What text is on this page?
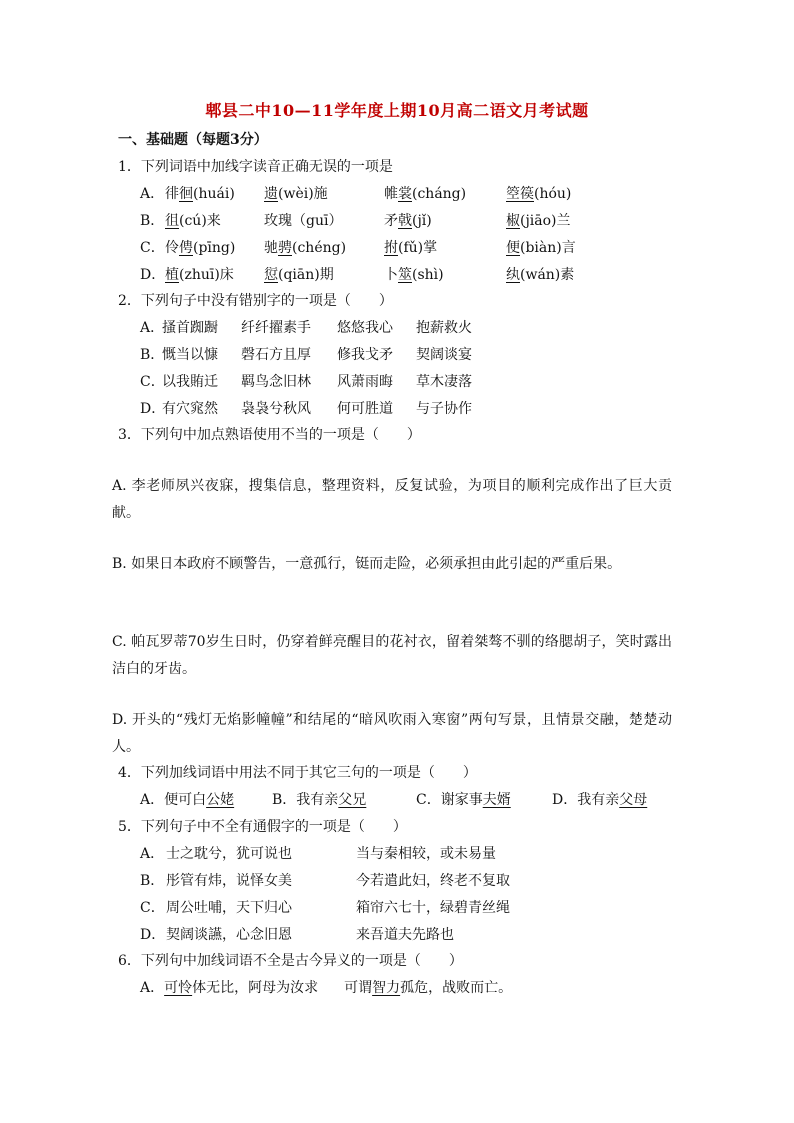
郫县二中10—11学年度上期10月高二语文月考试题
一、基础题（每题3分）
1．下列词语中加线字读音正确无误的一项是
A． 徘徊(huái) 遗(wèi)施	帷裳(cháng)	箜篌(hóu)
B． 徂(cú)来	玫瑰（guī）	矛戟(jǐ)	椒(jiāo)兰
C． 伶俜(pīng) 驰骋(chéng)	拊(fǔ)掌	便(biàn)言
D． 植(zhuī)床 愆(qiān)期	卜筮(shì)	纨(wán)素
2．下列句子中没有错别字的一项是（　　）
A．
搔首踟蹰 纤纤擢素手 悠悠我心 抱薪救火
B．
慨当以慷 磬石方且厚 修我戈矛 契阔谈宴
C．
以我賄迁 羁鸟念旧林 风萧雨晦 草木凄落
D．
有穴窕然 袅袅兮秋风 何可胜道 与子协作
3．下列句中加点熟语使用不当的一项是（　　）
A. 李老师夙兴夜寐，搜集信息，整理资料，反复试验，为项目的顺利完成作出了巨大贡献。
B. 如果日本政府不顾警告，一意孤行，铤而走险，必须承担由此引起的严重后果。
C. 帕瓦罗蒂70岁生日时，仍穿着鲜亮醒目的花衬衣，留着桀骜不驯的络腮胡子，笑时露出洁白的牙齿。
D. 开头的“残灯无焰影幢幢”和结尾的“暗风吹雨入寒窗”两句写景，且情景交融，楚楚动人。
4．下列加线词语中用法不同于其它三句的一项是（　　）
A．便可白公姥	B．我有亲父兄	C．谢家事夫婿	D．我有亲父母
5．下列句子中不全有通假字的一项是（　　）
A． 士之耽兮，犹可说也	当与秦相较，或未易量
B． 彤管有炜，说怿女美	今若遣此妇，终老不复取
C． 周公吐哺，天下归心	箱帘六七十，绿碧青丝绳
D． 契阔谈讌，心念旧恩	来吾道夫先路也
6．下列句中加线词语不全是古今异义的一项是（　　）
A．可怜体无比，阿母为汝求 可谓智力孤危，战败而亡。
